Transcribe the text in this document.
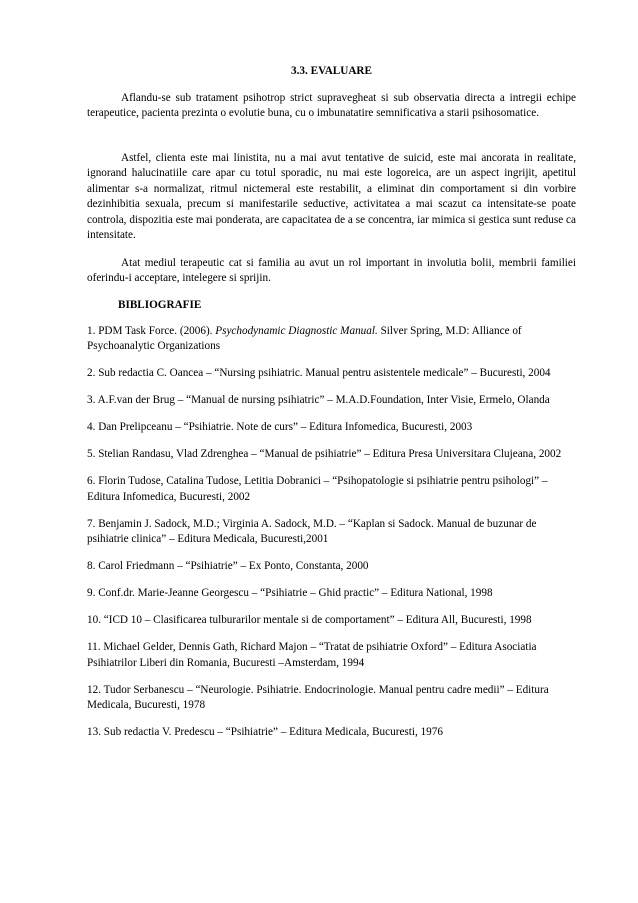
3.3. EVALUARE

Aflandu-se sub tratament psihotrop strict supravegheat si sub observatia directa a intregii echipe terapeutice, pacienta prezinta o evolutie buna, cu o imbunatatire semnificativa a starii psihosomatice.

Astfel, clienta este mai linistita, nu a mai avut tentative de suicid, este mai ancorata in realitate, ignorand halucinatiile care apar cu totul sporadic, nu mai este logoreica, are un aspect ingrijit, apetitul alimentar s-a normalizat, ritmul nictemeral este restabilit, a eliminat din comportament si din vorbire dezinhibitia sexuala, precum si manifestarile seductive, activitatea a mai scazut ca intensitate-se poate controla, dispozitia este mai ponderata, are capacitatea de a se concentra, iar mimica si gestica sunt reduse ca intensitate.

Atat mediul terapeutic cat si familia au avut un rol important in involutia bolii, membrii familiei oferindu-i acceptare, intelegere si sprijin.

BIBLIOGRAFIE
1. PDM Task Force. (2006). Psychodynamic Diagnostic Manual. Silver Spring, M.D: Alliance of Psychoanalytic Organizations
2. Sub redactia C. Oancea – “Nursing psihiatric. Manual pentru asistentele medicale” – Bucuresti, 2004
3. A.F.van der Brug – “Manual de nursing psihiatric” – M.A.D.Foundation, Inter Visie, Ermelo, Olanda
4. Dan Prelipceanu – “Psihiatrie. Note de curs” – Editura Infomedica, Bucuresti, 2003
5. Stelian Randasu, Vlad Zdrenghea – “Manual de psihiatrie” – Editura Presa Universitara Clujeana, 2002
6. Florin Tudose, Catalina Tudose, Letitia Dobranici – “Psihopatologie si psihiatrie pentru psihologi” – Editura Infomedica, Bucuresti, 2002
7. Benjamin J. Sadock, M.D.; Virginia A. Sadock, M.D. – “Kaplan si Sadock. Manual de buzunar de psihiatrie clinica” – Editura Medicala, Bucuresti,2001
8. Carol Friedmann – “Psihiatrie” – Ex Ponto, Constanta, 2000
9. Conf.dr. Marie-Jeanne Georgescu – “Psihiatrie – Ghid practic” – Editura National, 1998
10. “ICD 10 – Clasificarea tulburarilor mentale si de comportament” – Editura All, Bucuresti, 1998
11. Michael Gelder, Dennis Gath, Richard Majon – “Tratat de psihiatrie Oxford” – Editura Asociatia Psihiatrilor Liberi din Romania, Bucuresti –Amsterdam, 1994
12. Tudor Serbanescu – “Neurologie. Psihiatrie. Endocrinologie. Manual pentru cadre medii” – Editura Medicala, Bucuresti, 1978
13. Sub redactia V. Predescu – “Psihiatrie” – Editura Medicala, Bucuresti, 1976
